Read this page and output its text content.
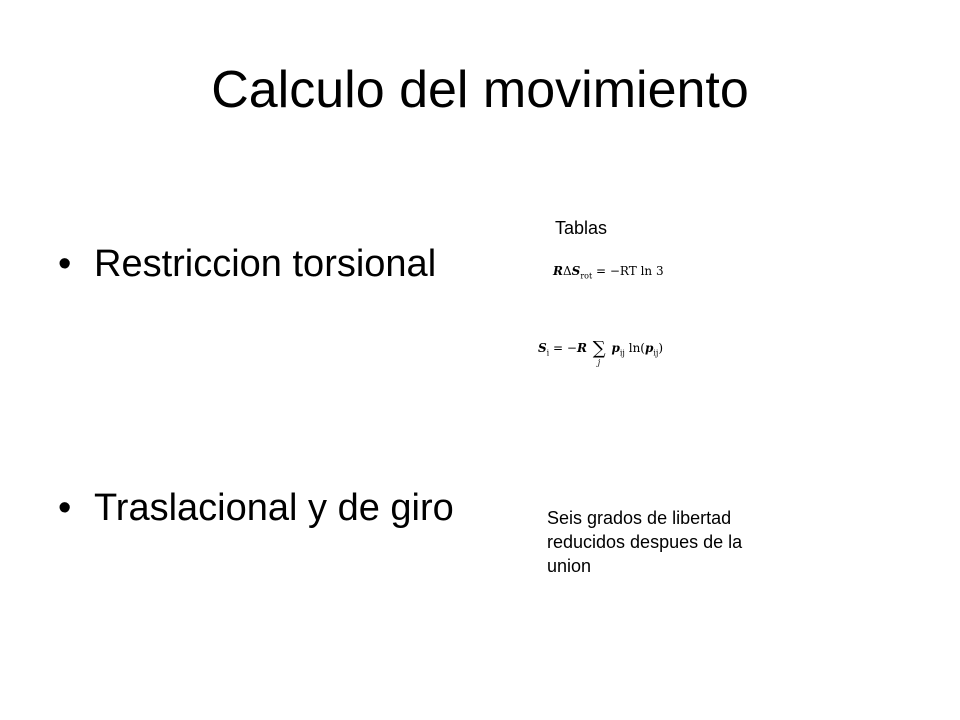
Calculo del movimiento
• Restriccion torsional
• Traslacional y de giro
Tablas
$R\Delta S_{rot} = -RT$ ln 3
$S_i = -R$ ∑
j
$p_{ij}$ $\ln(p_{ij})$
Seis grados de libertad reducidos despues de la union
